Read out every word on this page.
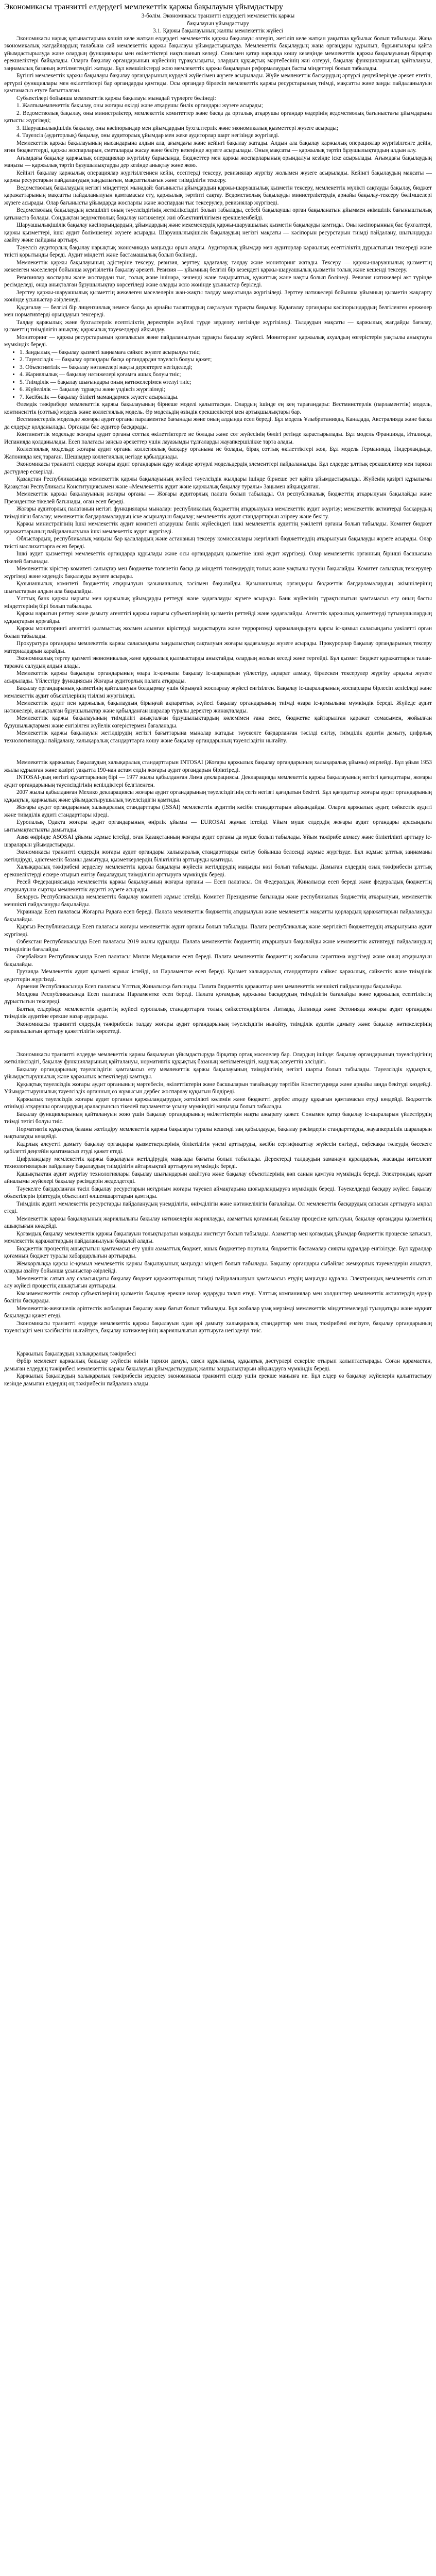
Экономикасы транзитті елдердегі мемлекеттік қаржы бақылауын ұйымдастыру
3-бөлім. Экономикасы транзитті елдердегі мемлекеттік қаржы
бақылауын ұйымдастыру
3.1. Қаржы бақылауының жалпы мемлекеттік жүйесі

Экономикасы нарық қатынастарына көшіп келе жатқан елдердегі мемлекеттік қаржы бақылауы өзгеріп, жетіліп келе жатқан уақытша құбылыс болып табылады. Жаңа экономикалық жағдайлардың талабына сай мемлекеттік қаржы бақылауы ұйымдастырылуда. Мемлекеттік бақылаудың жаңа органдары құрылып, бұрынғылары қайта ұйымдастырылуда және олардың функциялары мен өкілеттіктері нақтыланып келеді. Сонымен қатар нарыққа көшу кезеңінде мемлекеттік қаржы бақылауының бірқатар ерекшеліктері байқалады. Оларға бақылау органдарының жүйесінің тұрақсыздығы, олардың құқықтық мәртебесінің жиі өзгеруі, бақылау функцияларының қайталануы, заңнамалық базаның жетілмегендігі жатады. Бұл кемшіліктерді жою мемлекеттік қаржы бақылауын реформалаудың басты міндеттері болып табылады.

Бүгінгі мемлекеттік қаржы бақылауы бақылау органдарының күрделі жүйесімен жүзеге асырылады. Жүйе мемлекеттік басқарудың әртүрлі деңгейлерінде әрекет ететін, әртүрлі функциялары мен өкілеттіктері бар органдарды қамтиды. Осы органдар бірлесіп мемлекеттік қаржы ресурстарының тиімді, мақсатты және заңды пайдаланылуын қамтамасыз етуге бағытталған.

Субъектілері бойынша мемлекеттік қаржы бақылауы мынадай түрлерге бөлінеді:

1. Жалпымемлекеттік бақылау, оны жоғары өкілді және атқарушы билік органдары жүзеге асырады;

2. Ведомстволық бақылау, оны министрліктер, мемлекеттік комитеттер және басқа да орталық атқарушы органдар өздерінің ведомстволық бағыныстағы ұйымдарына қатысты жүргізеді;

3. Шаруашылықішілік бақылау, оны кәсіпорындар мен ұйымдардың бухгалтерлік және экономикалық қызметтері жүзеге асырады;

4. Тәуелсіз (аудиторлық) бақылау, оны аудиторлық ұйымдар мен жеке аудиторлар шарт негізінде жүргізеді.

Мемлекеттік қаржы бақылауының нысандарына алдын ала, ағымдағы және кейінгі бақылау жатады. Алдын ала бақылау қаржылық операциялар жүргізілгенге дейін, яғни бюджеттерді, қаржы жоспарларын, сметаларды жасау және бекіту кезеңінде жүзеге асырылады. Оның мақсаты — қаржылық тәртіп бұзушылықтардың алдын алу.

Ағымдағы бақылау қаржылық операциялар жүргізілу барысында, бюджеттер мен қаржы жоспарларының орындалуы кезінде іске асырылады. Ағымдағы бақылаудың маңызы — қаржылық тәртіп бұзушылықтарды дер кезінде анықтау және жою.

Кейінгі бақылау қаржылық операциялар жүргізілгеннен кейін, есептерді тексеру, ревизиялар жүргізу жолымен жүзеге асырылады. Кейінгі бақылаудың мақсаты — қаржы ресурстарын пайдаланудың заңдылығын, мақсаттылығын және тиімділігін тексеру.

Ведомстволық бақылаудың негізгі міндеттері мынадай: бағынысты ұйымдардың қаржы-шаруашылық қызметін тексеру, мемлекеттік мүлікті сақтауды бақылау, бюджет қаражаттарының мақсатты пайдаланылуын қамтамасыз ету, қаржылық тәртіпті сақтау. Ведомстволық бақылауды министрліктердің арнайы бақылау-тексеру бөлімшелері жүзеге асырады. Олар бағынысты ұйымдарда жоспарлы және жоспардан тыс тексерулер, ревизиялар жүргізеді.

Ведомстволық бақылаудың кемшілігі оның тәуелсіздігінің жеткіліксіздігі болып табылады, себебі бақылаушы орган бақыланатын ұйыммен әкімшілік бағыныштылық қатынаста болады. Сондықтан ведомстволық бақылау нәтижелері жиі объективтілігімен ерекшеленбейді.

Шаруашылықішілік бақылау кәсіпорындардың, ұйымдардың және мекемелердің қаржы-шаруашылық қызметін бақылауды қамтиды. Оны кәсіпорынның бас бухгалтері, қаржы қызметтері, ішкі аудит бөлімшелері жүзеге асырады. Шаруашылықішілік бақылаудың негізгі мақсаты — кәсіпорын ресурстарын тиімді пайдалану, шығындарды азайту және пайданы арттыру.

Тәуелсіз аудиторлық бақылау нарықтық экономикада маңызды орын алады. Аудиторлық ұйымдар мен аудиторлар қаржылық есептіліктің дұрыстығын тексереді және тиісті қорытынды береді. Аудит міндетті және бастамашылық болып бөлінеді.

Мемлекеттік қаржы бақылауының әдістеріне тексеру, ревизия, зерттеу, қадағалау, талдау және мониторинг жатады. Тексеру — қаржы-шаруашылық қызметтің жекелеген мәселелері бойынша жүргізілетін бақылау әрекеті. Ревизия — ұйымның белгілі бір кезеңдегі қаржы-шаруашылық қызметін толық және кешенді тексеру.

Ревизиялар жоспарлы және жоспардан тыс, толық және ішінара, кешенді және тақырыптық, құжаттық және нақты болып бөлінеді. Ревизия нәтижелері акт түрінде ресімделеді, онда анықталған бұзушылықтар көрсетіледі және оларды жою жөнінде ұсыныстар беріледі.

Зерттеу қаржы-шаруашылық қызметтің жекелеген мәселелерін жан-жақты талдау мақсатында жүргізіледі. Зерттеу нәтижелері бойынша ұйымның қызметін жақсарту жөнінде ұсыныстар әзірленеді.

Қадағалау — белгілі бір лицензиялық немесе басқа да арнайы талаптардың сақталуын тұрақты бақылау. Қадағалау органдары кәсіпорындардың белгіленген ережелер мен нормативтерді орындауын тексереді.

Талдау қаржылық және бухгалтерлік есептіліктің деректерін жүйелі түрде зерделеу негізінде жүргізіледі. Талдаудың мақсаты — қаржылық жағдайды бағалау, қызметтің тиімділігін анықтау, қаржылық тәуекелдерді айқындау.

Мониторинг — қаржы ресурстарының қозғалысын және пайдаланылуын тұрақты бақылау жүйесі. Мониторинг қаржылық ахуалдың өзгерістерін уақтылы анықтауға мүмкіндік береді.

• 1. Заңдылық — бақылау қызметі заңнамаға сәйкес жүзеге асырылуы тиіс;
• 2. Тәуелсіздік — бақылау органдары басқа органдардан тәуелсіз болуы қажет;
• 3. Объективтілік — бақылау нәтижелері нақты деректерге негізделеді;
• 4. Жариялылық — бақылау нәтижелері қоғамға ашық болуы тиіс;
• 5. Тиімділік — бақылау шығындары оның нәтижелерімен өтелуі тиіс;
• 6. Жүйелілік — бақылау тұрақты және үздіксіз жүргізіледі;
• 7. Кәсібилік — бақылау білікті мамандармен жүзеге асырылады.

Әлемдік тәжірибеде мемлекеттік қаржы бақылауының бірнеше моделі қалыптасқан. Олардың ішінде ең кең тарағандары: Вестминстерлік (парламенттік) модель, континенттік (соттық) модель және коллегиялық модель. Әр модельдің өзіндік ерекшеліктері мен артықшылықтары бар.

Вестминстерлік модельде жоғары аудит органы парламентке бағынады және оның алдында есеп береді. Бұл модель Ұлыбританияда, Канадада, Австралияда және басқа да елдерде қолданылады. Органды бас аудитор басқарады.

Континенттік модельде жоғары аудит органы соттық өкілеттіктерге ие болады және сот жүйесінің бөлігі ретінде қарастырылады. Бұл модель Францияда, Италияда, Испанияда қолданылады. Есеп палатасы заңсыз әрекеттер үшін лауазымды тұлғаларды жауапкершілікке тарта алады.

Коллегиялық модельде жоғары аудит органы коллегиялық басқару органына ие болады, бірақ соттық өкілеттіктері жоқ. Бұл модель Германияда, Нидерландыда, Жапонияда кең тараған. Шешімдер коллегиялық негізде қабылданады.

Экономикасы транзитті елдерде жоғары аудит органдарын құру кезінде әртүрлі модельдердің элементтері пайдаланылды. Бұл елдерде ұлттық ерекшеліктер мен тарихи дәстүрлер ескерілді.

Қазақстан Республикасында мемлекеттік қаржы бақылауының жүйесі тәуелсіздік жылдары ішінде бірнеше рет қайта ұйымдастырылды. Жүйенің қазіргі құрылымы Қазақстан Республикасы Конституциясымен және «Мемлекеттік аудит және қаржылық бақылау туралы» Заңымен айқындалған.

Мемлекеттік қаржы бақылауының жоғары органы — Жоғары аудиторлық палата болып табылады. Ол республикалық бюджеттің атқарылуын бақылайды және Президентке тікелей бағынады, оған есеп береді.

Жоғары аудиторлық палатаның негізгі функциялары мыналар: республикалық бюджеттің атқарылуына мемлекеттік аудит жүргізу; мемлекеттік активтерді басқарудың тиімділігін бағалау; мемлекеттік бағдарламалардың іске асырылуын бақылау; мемлекеттік аудит стандарттарын әзірлеу және бекіту.

Қаржы министрлігінің Ішкі мемлекеттік аудит комитеті атқарушы билік жүйесіндегі ішкі мемлекеттік аудиттің уәкілетті органы болып табылады. Комитет бюджет қаражаттарының пайдаланылуына ішкі мемлекеттік аудит жүргізеді.

Облыстардың, республикалық маңызы бар қалалардың және астананың тексеру комиссиялары жергілікті бюджеттердің атқарылуын бақылауды жүзеге асырады. Олар тиісті мәслихаттарға есеп береді.

Ішкі аудит қызметтері мемлекеттік органдарда құрылады және осы органдардың қызметіне ішкі аудит жүргізеді. Олар мемлекеттік органның бірінші басшысына тікелей бағынады.

Мемлекеттік кірістер комитеті салықтар мен бюджетке төленетін басқа да міндетті төлемдердің толық және уақтылы түсуін бақылайды. Комитет салықтық тексерулер жүргізеді және кедендік бақылауды жүзеге асырады.

Қазынашылық комитеті бюджеттің атқарылуын қазынашылық тәсілмен бақылайды. Қазынашылық органдары бюджеттік бағдарламалардың әкімшілерінің шығыстарын алдын ала бақылайды.

Ұлттық банк қаржы нарығы мен қаржылық ұйымдарды реттеуді және қадағалауды жүзеге асырады. Банк жүйесінің тұрақтылығын қамтамасыз ету оның басты міндеттерінің бірі болып табылады.

Қаржы нарығын реттеу және дамыту агенттігі қаржы нарығы субъектілерінің қызметін реттейді және қадағалайды. Агенттік қаржылық қызметтерді тұтынушылардың құқықтарын қорғайды.

Қаржы мониторингі агенттігі қылмыстық жолмен алынған кірістерді заңдастыруға және терроризмді қаржыландыруға қарсы іс-қимыл саласындағы уәкілетті орган болып табылады.

Прокуратура органдары мемлекеттік қаржы саласындағы заңдылықтың сақталуын жоғары қадағалауды жүзеге асырады. Прокурорлар бақылау органдарының тексеру материалдарын қарайды.

Экономикалық тергеу қызметі экономикалық және қаржылық қылмыстарды анықтайды, олардың жолын кеседі және тергейді. Бұл қызмет бюджет қаражаттарын талан-таражға салудың алдын алады.

Мемлекеттік қаржы бақылауы органдарының өзара іс-қимылы бақылау іс-шараларын үйлестіру, ақпарат алмасу, бірлескен тексерулер жүргізу арқылы жүзеге асырылады. Үйлестіру функциясын Жоғары аудиторлық палата атқарады.

Бақылау органдарының қызметінің қайталануын болдырмау үшін бірыңғай жоспарлау жүйесі енгізілген. Бақылау іс-шараларының жоспарлары бірлесіп келісіледі және мемлекеттік аудит объектілерінің тізілімі жүргізіледі.

Мемлекеттік аудит пен қаржылық бақылаудың бірыңғай ақпараттық жүйесі бақылау органдарының тиімді өзара іс-қимылына мүмкіндік береді. Жүйеде аудит нәтижелері, анықталған бұзушылықтар және қабылданған шаралар туралы деректер жинақталады.

Мемлекеттік қаржы бақылауының тиімділігі анықталған бұзушылықтардың көлемімен ғана емес, бюджетке қайтарылған қаражат сомасымен, жойылған бұзушылықтармен және енгізілген жүйелік өзгерістермен бағаланады.

Мемлекеттік қаржы бақылауын жетілдірудің негізгі бағыттарына мыналар жатады: тәуекелге бағдарланған тәсілді енгізу, тиімділік аудитін дамыту, цифрлық технологияларды пайдалану, халықаралық стандарттарға көшу және бақылау органдарының тәуелсіздігін нығайту.

Мемлекеттік қаржылық бақылаудың халықаралық стандарттарын INTOSAI (Жоғары қаржылық бақылау органдарының халықаралық ұйымы) әзірлейді. Бұл ұйым 1953 жылы құрылған және қазіргі уақытта 190-нан астам елдің жоғары аудит органдарын біріктіреді.

INTOSAI-дың негізгі құжаттарының бірі — 1977 жылы қабылданған Лима декларациясы. Декларацияда мемлекеттік қаржы бақылауының негізгі қағидаттары, жоғары аудит органдарының тәуелсіздігінің кепілдіктері белгіленген.

2007 жылы қабылданған Мехико декларациясы жоғары аудит органдарының тәуелсіздігінің сегіз негізгі қағидатын бекітті. Бұл қағидаттар жоғары аудит органдарының құқықтық, қаржылық және ұйымдастырушылық тәуелсіздігін қамтиды.

Жоғары аудит органдарының халықаралық стандарттары (ISSAI) мемлекеттік аудиттің кәсіби стандарттарын айқындайды. Оларға қаржылық аудит, сәйкестік аудиті және тиімділік аудиті стандарттары кіреді.

Еуропалық Одақта жоғары аудит органдарының өңірлік ұйымы — EUROSAI жұмыс істейді. Ұйым мүше елдердің жоғары аудит органдары арасындағы ынтымақтастықты дамытады.

Азия өңірінде ASOSAI ұйымы жұмыс істейді, оған Қазақстанның жоғары аудит органы да мүше болып табылады. Ұйым тәжірибе алмасу және біліктілікті арттыру іс-шараларын ұйымдастырады.

Экономикасы транзитті елдердің жоғары аудит органдары халықаралық стандарттарды енгізу бойынша белсенді жұмыс жүргізуде. Бұл жұмыс ұлттық заңнаманы жетілдіруді, әдістемелік базаны дамытуды, қызметкерлердің біліктілігін арттыруды қамтиды.

Халықаралық тәжірибені зерделеу мемлекеттік қаржы бақылауы жүйесін жетілдірудің маңызды көзі болып табылады. Дамыған елдердің озық тәжірибесін ұлттық ерекшеліктерді ескере отырып енгізу бақылаудың тиімділігін арттыруға мүмкіндік береді.

Ресей Федерациясында мемлекеттік қаржы бақылауының жоғары органы — Есеп палатасы. Ол Федералдық Жиналысқа есеп береді және федералдық бюджеттің атқарылуына сыртқы мемлекеттік аудитті жүзеге асырады.

Беларусь Республикасында мемлекеттік бақылау комитеті жұмыс істейді. Комитет Президентке бағынады және республикалық бюджеттің атқарылуын, мемлекеттік меншікті пайдалануды бақылайды.

Украинада Есеп палатасы Жоғарғы Радаға есеп береді. Палата мемлекеттік бюджеттің атқарылуын және мемлекеттік мақсатты қорлардың қаражаттарын пайдалануды бақылайды.

Қырғыз Республикасында Есеп палатасы жоғары мемлекеттік аудит органы болып табылады. Палата республикалық және жергілікті бюджеттердің атқарылуына аудит жүргізеді.

Өзбекстан Республикасында Есеп палатасы 2019 жылы құрылды. Палата мемлекеттік бюджеттің атқарылуын бақылайды және мемлекеттік активтерді пайдаланудың тиімділігін бағалайды.

Әзербайжан Республикасында Есеп палатасы Милли Меджлиске есеп береді. Палата мемлекеттік бюджеттің жобасына сараптама жүргізеді және оның атқарылуын бақылайды.

Грузияда Мемлекеттік аудит қызметі жұмыс істейді, ол Парламентке есеп береді. Қызмет халықаралық стандарттарға сәйкес қаржылық, сәйкестік және тиімділік аудиттерін жүргізеді.

Армения Республикасында Есеп палатасы Ұлттық Жиналысқа бағынады. Палата бюджеттік қаражаттар мен мемлекеттік меншікті пайдалануды бақылайды.

Молдова Республикасында Есеп палатасы Парламентке есеп береді. Палата қоғамдық қаржыны басқарудың тиімділігін бағалайды және қаржылық есептіліктің дұрыстығын тексереді.

Балтық елдерінде мемлекеттік аудиттің жүйесі еуропалық стандарттарға толық сәйкестендірілген. Литвада, Латвияда және Эстонияда жоғары аудит органдары тиімділік аудитіне ерекше назар аударады.

Экономикасы транзитті елдердің тәжірибесін талдау жоғары аудит органдарының тәуелсіздігін нығайту, тиімділік аудитін дамыту және бақылау нәтижелерінің жариялылығын арттыру қажеттілігін көрсетеді.

Экономикасы транзитті елдерде мемлекеттік қаржы бақылауын ұйымдастыруда бірқатар ортақ мәселелер бар. Олардың ішінде: бақылау органдарының тәуелсіздігінің жеткіліксіздігі, бақылау функцияларының қайталануы, нормативтік құқықтық базаның жетілмегендігі, кадрлық әлеуеттің әлсіздігі.

Бақылау органдарының тәуелсіздігін қамтамасыз ету мемлекеттік қаржы бақылауының тиімділігінің негізгі шарты болып табылады. Тәуелсіздік құқықтық, ұйымдастырушылық және қаржылық аспектілерді қамтиды.

Құқықтық тәуелсіздік жоғары аудит органының мәртебесін, өкілеттіктерін және басшыларын тағайындау тәртібін Конституцияда және арнайы заңда бекітуді көздейді. Ұйымдастырушылық тәуелсіздік органның өз жұмысын дербес жоспарлау құқығын білдіреді.

Қаржылық тәуелсіздік жоғары аудит органын қаржыландырудың жеткілікті көлемін және бюджетті дербес атқару құқығын қамтамасыз етуді көздейді. Бюджеттік өтінімді атқарушы органдардың араласуынсыз тікелей парламентке ұсыну мүмкіндігі маңызды болып табылады.

Бақылау функцияларының қайталануын жою үшін бақылау органдарының өкілеттіктерін нақты ажырату қажет. Сонымен қатар бақылау іс-шараларын үйлестірудің тиімді тетігі болуы тиіс.

Нормативтік құқықтық базаны жетілдіру мемлекеттік қаржы бақылауы туралы кешенді заң қабылдауды, бақылау рәсімдерін стандарттауды, жауапкершілік шараларын нақтылауды көздейді.

Кадрлық әлеуетті дамыту бақылау органдары қызметкерлерінің біліктілігін үнемі арттыруды, кәсіби сертификаттау жүйесін енгізуді, еңбекақы төлеудің бәсекеге қабілетті деңгейін қамтамасыз етуді қажет етеді.

Цифрландыру мемлекеттік қаржы бақылауын жетілдірудің маңызды бағыты болып табылады. Деректерді талдаудың заманауи құралдарын, жасанды интеллект технологияларын пайдалану бақылаудың тиімділігін айтарлықтай арттыруға мүмкіндік береді.

Қашықтықтан аудит жүргізу технологиялары бақылау шығындарын азайтуға және бақылау объектілерінің көп санын қамтуға мүмкіндік береді. Электрондық құжат айналымы жүйелері бақылау рәсімдерін жеделдетеді.

Тәуекелге бағдарланған тәсіл бақылау ресурстарын неғұрлым жоғары тәуекел аймақтарына шоғырландыруға мүмкіндік береді. Тәуекелдерді басқару жүйесі бақылау объектілерін іріктеудің объективті өлшемшарттарын қамтиды.

Тиімділік аудиті мемлекеттік ресурстарды пайдаланудың үнемділігін, өнімділігін және нәтижелілігін бағалайды. Ол мемлекеттік басқарудың сапасын арттыруға ықпал етеді.

Мемлекеттік қаржы бақылауының жариялылығы бақылау нәтижелерін жариялауды, азаматтық қоғамның бақылау процесіне қатысуын, бақылау органдары қызметінің ашықтығын көздейді.

Қоғамдық бақылау мемлекеттік қаржы бақылауын толықтыратын маңызды институт болып табылады. Азаматтар мен қоғамдық ұйымдар бюджеттік процеске қатысып, мемлекеттік қаражаттардың пайдаланылуын бақылай алады.

Бюджеттік процестің ашықтығын қамтамасыз ету үшін азаматтық бюджет, ашық бюджеттер порталы, бюджеттік бастамалар сияқты құралдар енгізілуде. Бұл құралдар қоғамның бюджет туралы хабардарлығын арттырады.

Жемқорлыққа қарсы іс-қимыл мемлекеттік қаржы бақылауының маңызды міндеті болып табылады. Бақылау органдары сыбайлас жемқорлық тәуекелдерін анықтап, оларды азайту бойынша ұсыныстар әзірлейді.

Мемлекеттік сатып алу саласындағы бақылау бюджет қаражаттарының тиімді пайдаланылуын қамтамасыз етудің маңызды құралы. Электрондық мемлекеттік сатып алу жүйесі процестің ашықтығын арттырады.

Квазимемлекеттік сектор субъектілерінің қызметін бақылау ерекше назар аударуды талап етеді. Ұлттық компаниялар мен холдингтер мемлекеттік активтердің едәуір бөлігін басқарады.

Мемлекеттік-жекешелік әріптестік жобаларын бақылау жаңа бағыт болып табылады. Бұл жобалар ұзақ мерзімді мемлекеттік міндеттемелерді туындатады және мұқият бақылауды қажет етеді.

Экономикасы транзитті елдерде мемлекеттік қаржы бақылауын одан әрі дамыту халықаралық стандарттар мен озық тәжірибені енгізуге, бақылау органдарының тәуелсіздігі мен кәсібилігін нығайтуға, бақылау нәтижелерінің жариялылығын арттыруға негізделуі тиіс.

Қаржылық бақылаудың халықаралық тәжірибесі

Әрбір мемлекет қаржылық бақылау жүйесін өзінің тарихи дамуы, саяси құрылымы, құқықтық дәстүрлері ескеріле отырып қалыптастырады. Соған қарамастан, дамыған елдердің тәжірибесі мемлекеттік қаржы бақылауын ұйымдастырудың жалпы заңдылықтарын айқындауға мүмкіндік береді.

Қаржылық бақылаудың халықаралық тәжірибесін зерделеу экономикасы транзитті елдер үшін ерекше маңызға ие. Бұл елдер өз бақылау жүйелерін қалыптастыру кезінде дамыған елдердің оң тәжірибесін пайдалана алады.
